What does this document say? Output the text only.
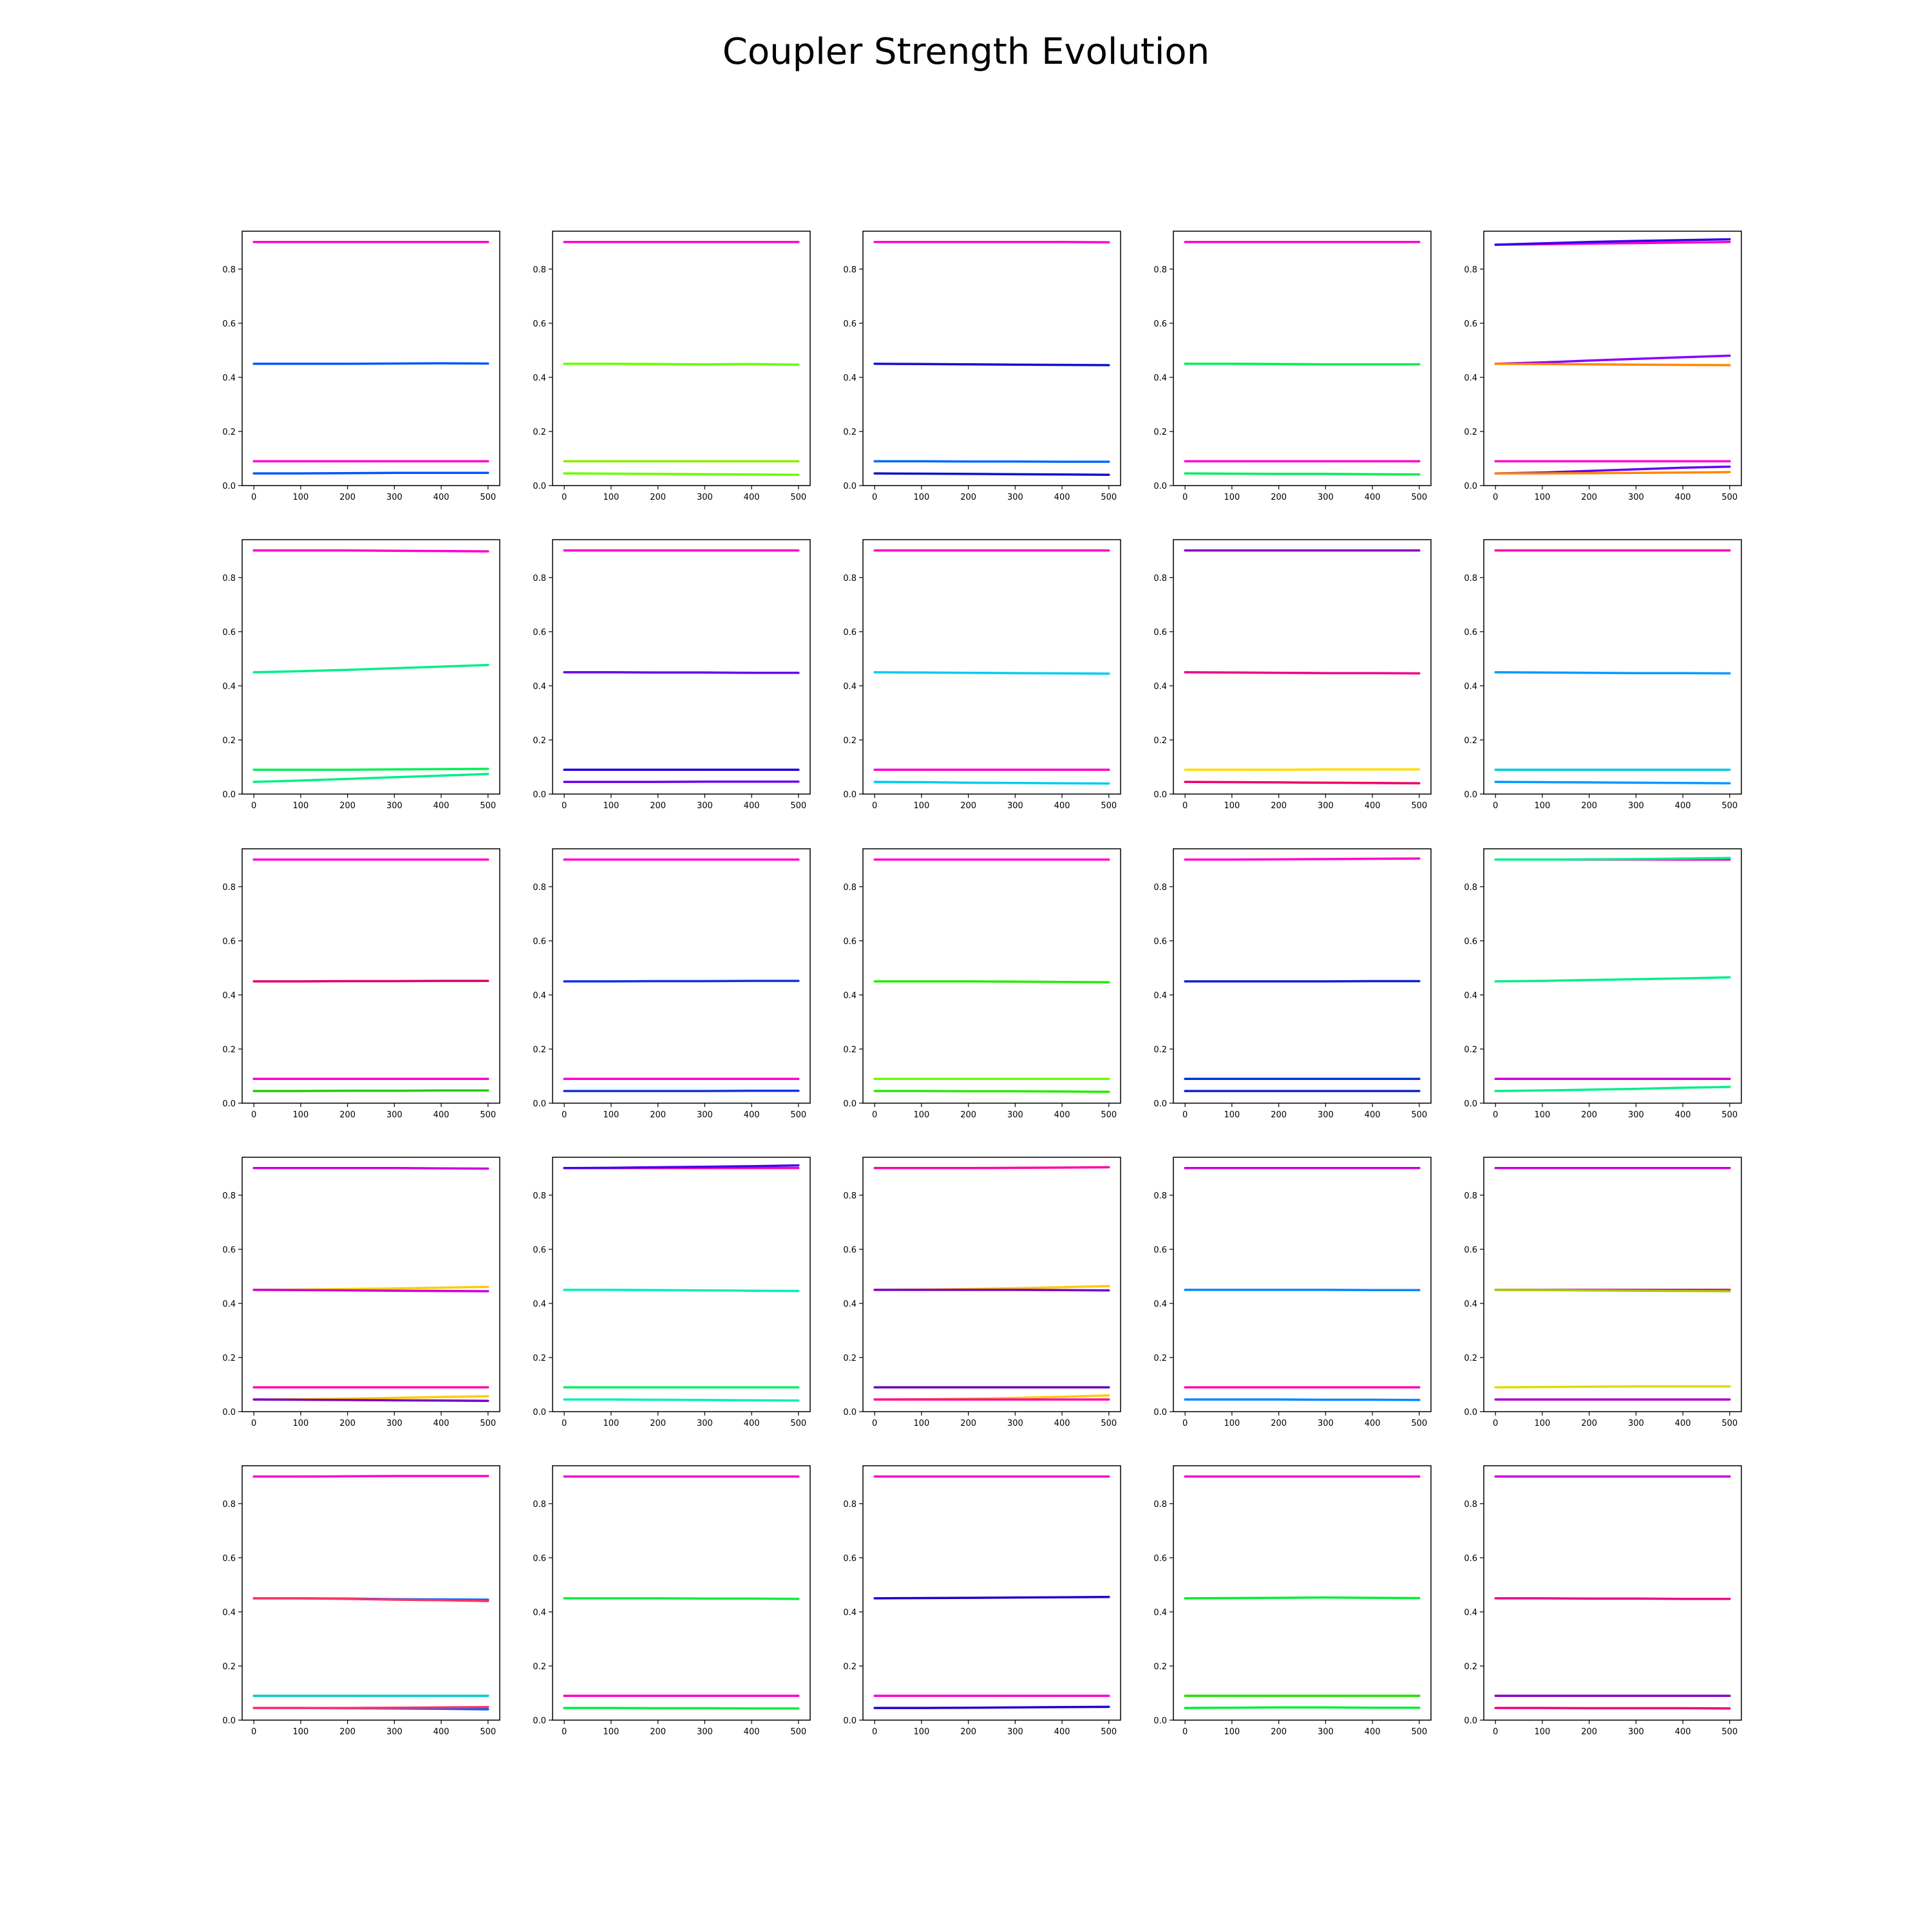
Coupler Strength Evolution
0	100	200	300	400	500
0.0
0.2
0.4
0.6
0.8
0	100	200	300	400	500
0.0
0.2
0.4
0.6
0.8
0	100	200	300	400	500
0.0
0.2
0.4
0.6
0.8
0	100	200	300	400	500
0.0
0.2
0.4
0.6
0.8
0	100	200	300	400	500
0.0
0.2
0.4
0.6
0.8
0	100	200	300	400	500
0.0
0.2
0.4
0.6
0.8
0	100	200	300	400	500
0.0
0.2
0.4
0.6
0.8
0	100	200	300	400	500
0.0
0.2
0.4
0.6
0.8
0	100	200	300	400	500
0.0
0.2
0.4
0.6
0.8
0	100	200	300	400	500
0.0
0.2
0.4
0.6
0.8
0	100	200	300	400	500
0.0
0.2
0.4
0.6
0.8
0	100	200	300	400	500
0.0
0.2
0.4
0.6
0.8
0	100	200	300	400	500
0.0
0.2
0.4
0.6
0.8
0	100	200	300	400	500
0.0
0.2
0.4
0.6
0.8
0	100	200	300	400	500
0.0
0.2
0.4
0.6
0.8
0	100	200	300	400	500
0.0
0.2
0.4
0.6
0.8
0	100	200	300	400	500
0.0
0.2
0.4
0.6
0.8
0	100	200	300	400	500
0.0
0.2
0.4
0.6
0.8
0	100	200	300	400	500
0.0
0.2
0.4
0.6
0.8
0	100	200	300	400	500
0.0
0.2
0.4
0.6
0.8
0	100	200	300	400	500
0.0
0.2
0.4
0.6
0.8
0	100	200	300	400	500
0.0
0.2
0.4
0.6
0.8
0	100	200	300	400	500
0.0
0.2
0.4
0.6
0.8
0	100	200	300	400	500
0.0
0.2
0.4
0.6
0.8
0	100	200	300	400	500
0.0
0.2
0.4
0.6
0.8
